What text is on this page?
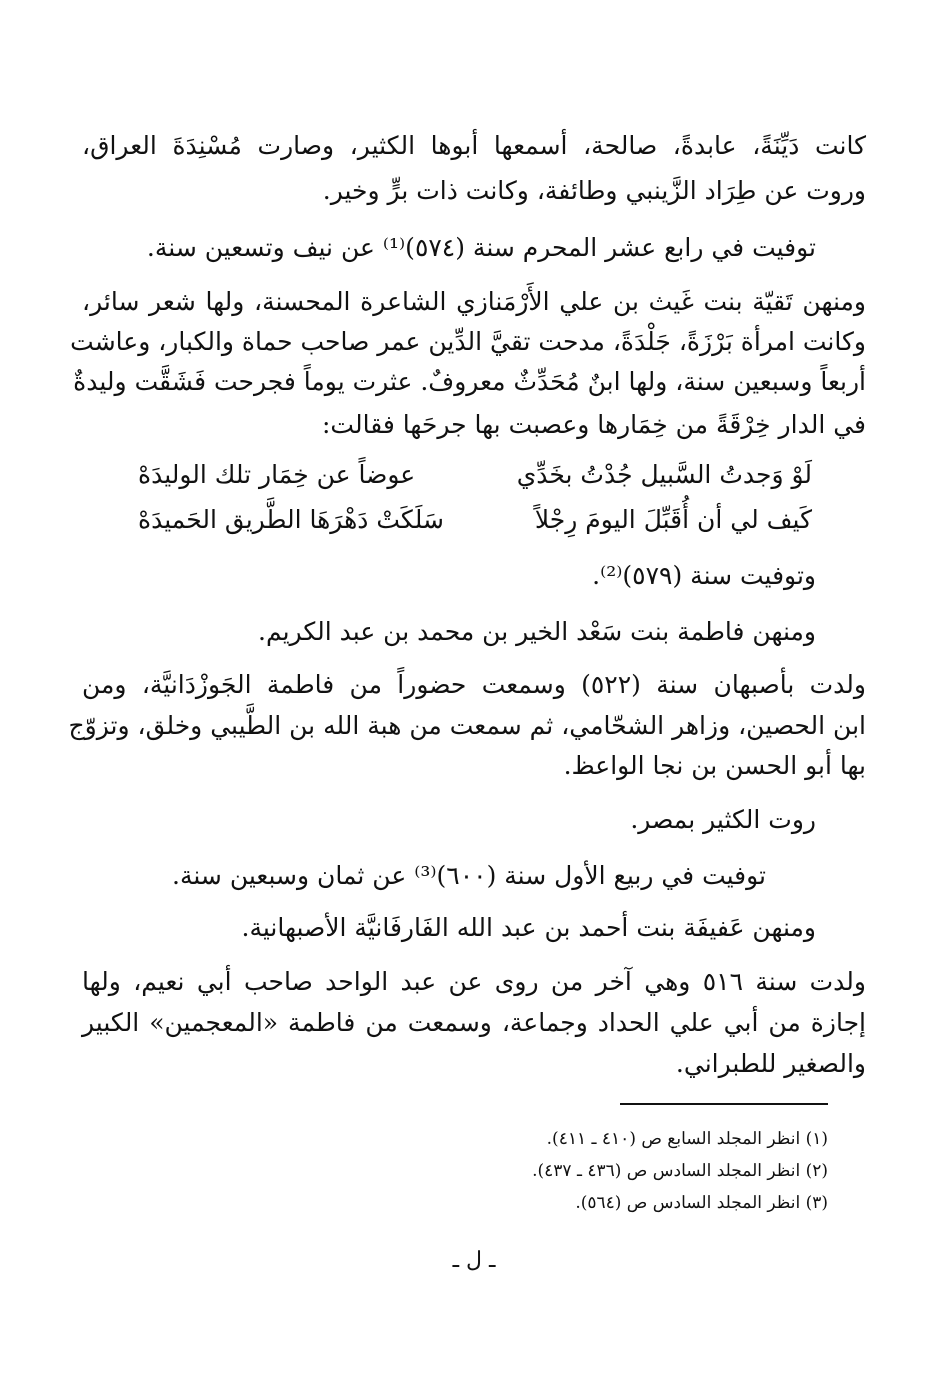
كانت دَيِّنَةً، عابدةً، صالحة، أسمعها أبوها الكثير، وصارت مُسْنِدَةَ العراق،
وروت عن طِرَاد الزَّينبي وطائفة، وكانت ذات برٍّ وخير.
توفيت في رابع عشر المحرم سنة (٥٧٤)⁽¹⁾ عن نيف وتسعين سنة.
ومنهن تَقيّة بنت غَيث بن علي الأَرْمَنازي الشاعرة المحسنة، ولها شعر سائر،
وكانت امرأة بَرْزَةً، جَلْدَةً، مدحت تقيَّ الدِّين عمر صاحب حماة والكبار، وعاشت
أربعاً وسبعين سنة، ولها ابنٌ مُحَدِّثٌ معروفٌ. عثرت يوماً فجرحت فَشَقَّت وليدةٌ
في الدار خِرْقَةً من خِمَارها وعصبت بها جرحَها فقالت:
لَوْ وَجدتُ السَّبيل جُدْتُ بخَدِّي
عوضاً عن خِمَار تلك الوليدَهْ
كَيف لي أن أُقَبِّلَ اليومَ رِجْلاً
سَلَكَتْ دَهْرَهَا الطَّريق الحَميدَهْ
وتوفيت سنة (٥٧٩)⁽²⁾.
ومنهن فاطمة بنت سَعْد الخير بن محمد بن عبد الكريم.
ولدت بأصبهان سنة (٥٢٢) وسمعت حضوراً من فاطمة الجَوزْدَانيَّة، ومن
ابن الحصين، وزاهر الشحّامي، ثم سمعت من هبة الله بن الطَّيبي وخلق، وتزوّج
بها أبو الحسن بن نجا الواعظ.
روت الكثير بمصر.
توفيت في ربيع الأول سنة (٦٠٠)⁽³⁾ عن ثمان وسبعين سنة.
ومنهن عَفيفَة بنت أحمد بن عبد الله الفَارفَانيَّة الأصبهانية.
ولدت سنة ٥١٦ وهي آخر من روى عن عبد الواحد صاحب أبي نعيم، ولها
إجازة من أبي علي الحداد وجماعة، وسمعت من فاطمة «المعجمين» الكبير
والصغير للطبراني.
(١) انظر المجلد السابع ص (٤١٠ ـ ٤١١).
(٢) انظر المجلد السادس ص (٤٣٦ ـ ٤٣٧).
(٣) انظر المجلد السادس ص (٥٦٤).
ـ ل ـ
